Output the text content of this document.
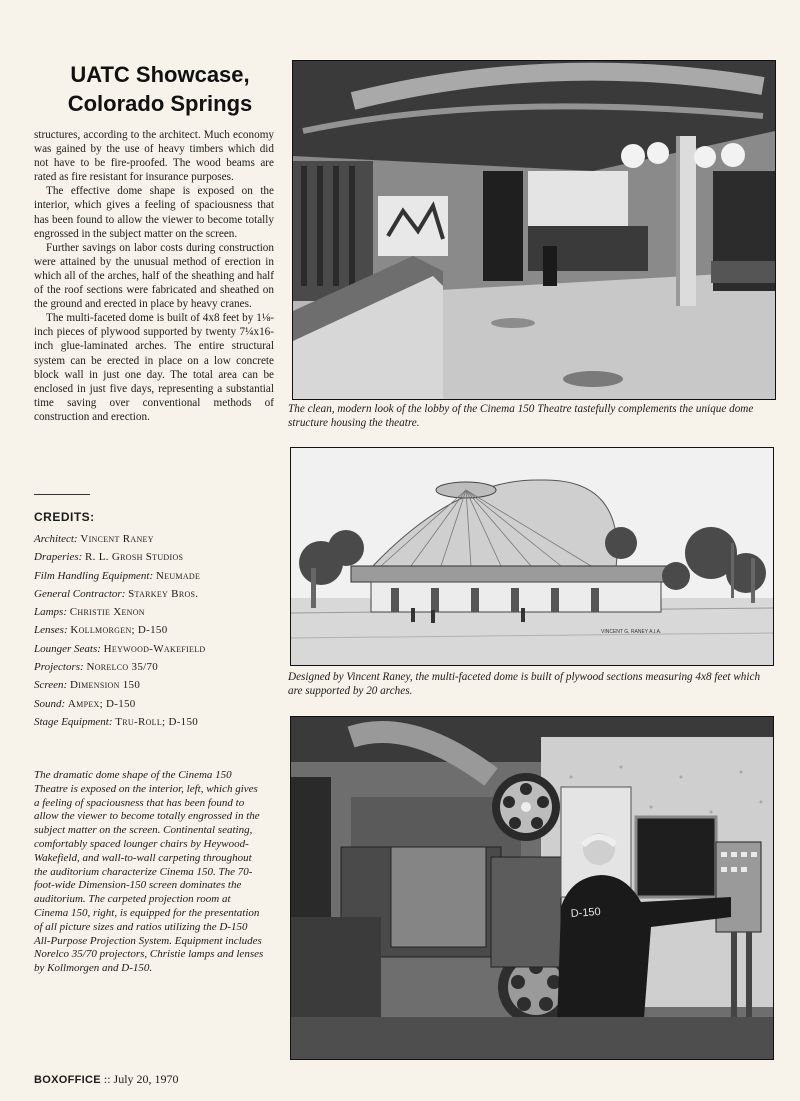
UATC Showcase,
Colorado Springs

structures, according to the architect. Much economy was gained by the use of heavy timbers which did not have to be fire-proofed. The wood beams are rated as fire resistant for insurance purposes.

The effective dome shape is exposed on the interior, which gives a feeling of spaciousness that has been found to allow the viewer to become totally engrossed in the subject matter on the screen.

Further savings on labor costs during construction were attained by the unusual method of erection in which all of the arches, half of the sheathing and half of the roof sections were fabricated and sheathed on the ground and erected in place by heavy cranes.

The multi-faceted dome is built of 4x8 feet by 1⅛-inch pieces of plywood supported by twenty 7¼x16-inch glue-laminated arches. The entire structural system can be erected in place on a low concrete block wall in just one day. The total area can be enclosed in just five days, representing a substantial time saving over conventional methods of construction and erection.

CREDITS:
Architect: Vincent Raney
Draperies: R. L. Grosh Studios
Film Handling Equipment: Neumade
General Contractor: Starkey Bros.
Lamps: Christie Xenon
Lenses: Kollmorgen; D-150
Lounger Seats: Heywood-Wakefield
Projectors: Norelco 35/70
Screen: Dimension 150
Sound: Ampex; D-150
Stage Equipment: Tru-Roll; D-150
The dramatic dome shape of the Cinema 150 Theatre is exposed on the interior, left, which gives a feeling of spaciousness that has been found to allow the viewer to become totally engrossed in the subject matter on the screen. Continental seating, comfortably spaced lounger chairs by Heywood-Wakefield, and wall-to-wall carpeting throughout the auditorium characterize Cinema 150. The 70-foot-wide Dimension-150 screen dominates the auditorium. The carpeted projection room at Cinema 150, right, is equipped for the presentation of all picture sizes and ratios utilizing the D-150 All-Purpose Projection System. Equipment includes Norelco 35/70 projectors, Christie lamps and lenses by Kollmorgen and D-150.
The clean, modern look of the lobby of the Cinema 150 Theatre tastefully complements the unique dome structure housing the theatre.
VINCENT G. RANEY A.I.A.
Designed by Vincent Raney, the multi-faceted dome is built of plywood sections measuring 4x8 feet which are supported by 20 arches.
D-150
BOXOFFICE :: July 20, 1970
